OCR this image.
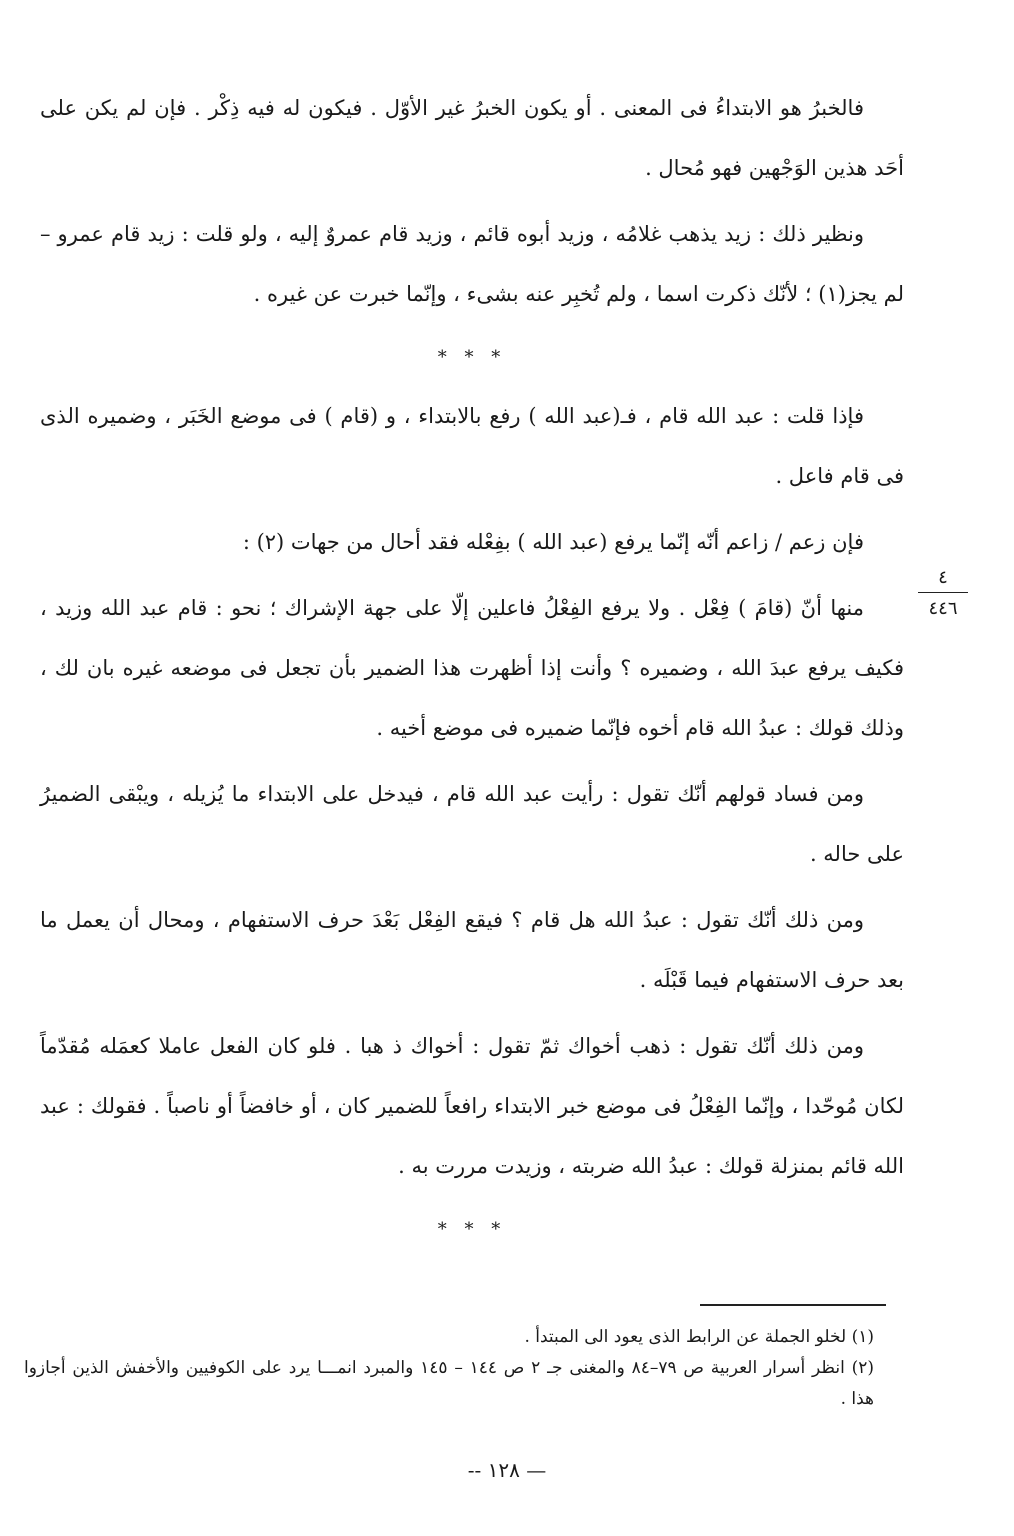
فالخبرُ هو الابتداءُ فى المعنى . أو يكون الخبرُ غير الأوّل . فيكون له فيه ذِكْر . فإن لم يكن على أحَد هذين الوَجْهين فهو مُحال .

ونظير ذلك : زيد يذهب غلامُه ، وزيد أبوه قائم ، وزيد قام عمروٌ إليه ، ولو قلت : زيد قام عمرو – لم يجز(١) ؛ لأنّك ذكرت اسما ، ولم تُخبِر عنه بشىء ، وإنّما خبرت عن غيره .

* * *

فإذا قلت : عبد الله قام ، فـ(عبد الله ) رفع بالابتداء ، و (قام ) فى موضع الخَبَر ، وضميره الذى فى قام فاعل .

فإن زعم / زاعم أنّه إنّما يرفع (عبد الله ) بفِعْله فقد أحال من جهات (٢) :

منها أنّ (قامَ ) فِعْل . ولا يرفع الفِعْلُ فاعلين إلّا على جهة الإشراك ؛ نحو : قام عبد الله وزيد ، فكيف يرفع عبدَ الله ، وضميره ؟ وأنت إذا أظهرت هذا الضمير بأن تجعل فى موضعه غيره بان لك ، وذلك قولك : عبدُ الله قام أخوه فإنّما ضميره فى موضع أخيه .

ومن فساد قولهم أنّك تقول : رأيت عبد الله قام ، فيدخل على الابتداء ما يُزيله ، ويبْقى الضميرُ على حاله .

ومن ذلك أنّك تقول : عبدُ الله هل قام ؟ فيقع الفِعْل بَعْدَ حرف الاستفهام ، ومحال أن يعمل ما بعد حرف الاستفهام فيما قَبْلَه .

ومن ذلك أنّك تقول : ذهب أخواك ثمّ تقول : أخواك ذ هبا . فلو كان الفعل عاملا كعمَله مُقدّماً لكان مُوحّدا ، وإنّما الفِعْلُ فى موضع خبر الابتداء رافعاً للضمير كان ، أو خافضاً أو ناصباً . فقولك : عبد الله قائم بمنزلة قولك : عبدُ الله ضربته ، وزيدت مررت به .

* * *
٤
٤٤٦

(١) لخلو الجملة عن الرابط الذى يعود الى المبتدأ .

(٢) انظر أسرار العربية ص ٧٩–٨٤ والمغنى جـ ٢ ص ١٤٤ – ١٤٥ والمبرد انمـــا يرد على الكوفيين والأخفش الذين أجازوا هذا .

— ١٢٨ --
